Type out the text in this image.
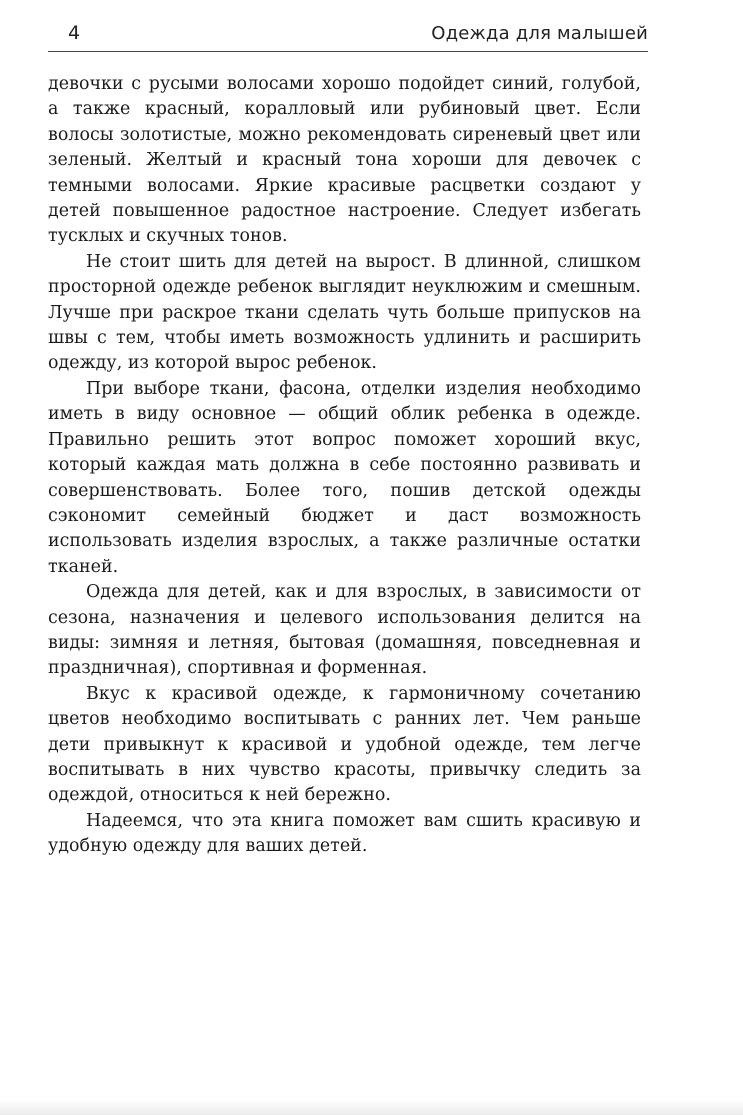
4	Одежда для малышей

девочки с русыми волосами хорошо подойдет синий, голубой, а также красный, коралловый или рубиновый цвет. Если волосы золотистые, можно рекомендовать сиреневый цвет или зеленый. Желтый и красный тона хороши для девочек с темными волосами. Яркие красивые расцветки создают у детей повышенное радостное настроение. Следует избегать тусклых и скучных тонов.

Не стоит шить для детей на вырост. В длинной, слишком просторной одежде ребенок выглядит неуклюжим и смешным. Лучше при раскрое ткани сделать чуть больше припусков на швы с тем, чтобы иметь возможность удлинить и расширить одежду, из которой вырос ребенок.

При выборе ткани, фасона, отделки изделия необходимо иметь в виду основное — общий облик ребенка в одежде. Правильно решить этот вопрос поможет хороший вкус, который каждая мать должна в себе постоянно развивать и совершенствовать. Более того, пошив детской одежды сэкономит семейный бюджет и даст возможность использовать изделия взрослых, а также различные остатки тканей.

Одежда для детей, как и для взрослых, в зависимости от сезона, назначения и целевого использования делится на виды: зимняя и летняя, бытовая (домашняя, повседневная и праздничная), спортивная и форменная.

Вкус к красивой одежде, к гармоничному сочетанию цветов необходимо воспитывать с ранних лет. Чем раньше дети привыкнут к красивой и удобной одежде, тем легче воспитывать в них чувство красоты, привычку следить за одеждой, относиться к ней бережно.

Надеемся, что эта книга поможет вам сшить красивую и удобную одежду для ваших детей.
